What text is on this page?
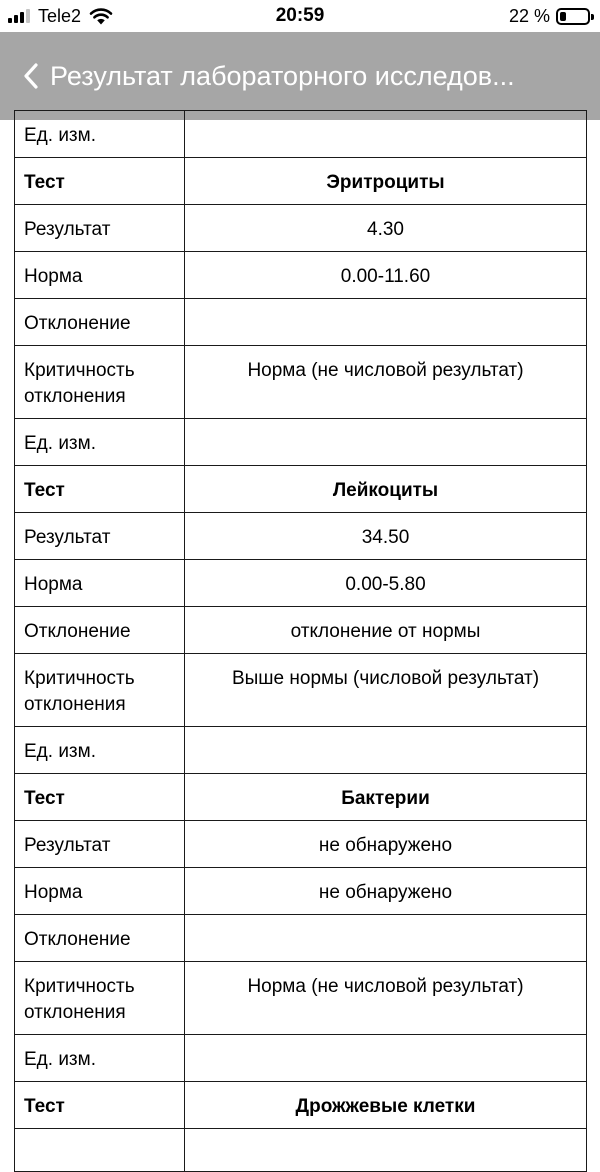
Tele2	20:59	22 %
Результат лабораторного исследов...
Ед. изм.	
Тест	Эритроциты
Результат	4.30
Норма	0.00-11.60
Отклонение	
Критичность отклонения	Норма (не числовой результат)
Ед. изм.	
Тест	Лейкоциты
Результат	34.50
Норма	0.00-5.80
Отклонение	отклонение от нормы
Критичность отклонения	Выше нормы (числовой результат)
Ед. изм.	
Тест	Бактерии
Результат	не обнаружено
Норма	не обнаружено
Отклонение	
Критичность отклонения	Норма (не числовой результат)
Ед. изм.	
Тест	Дрожжевые клетки
